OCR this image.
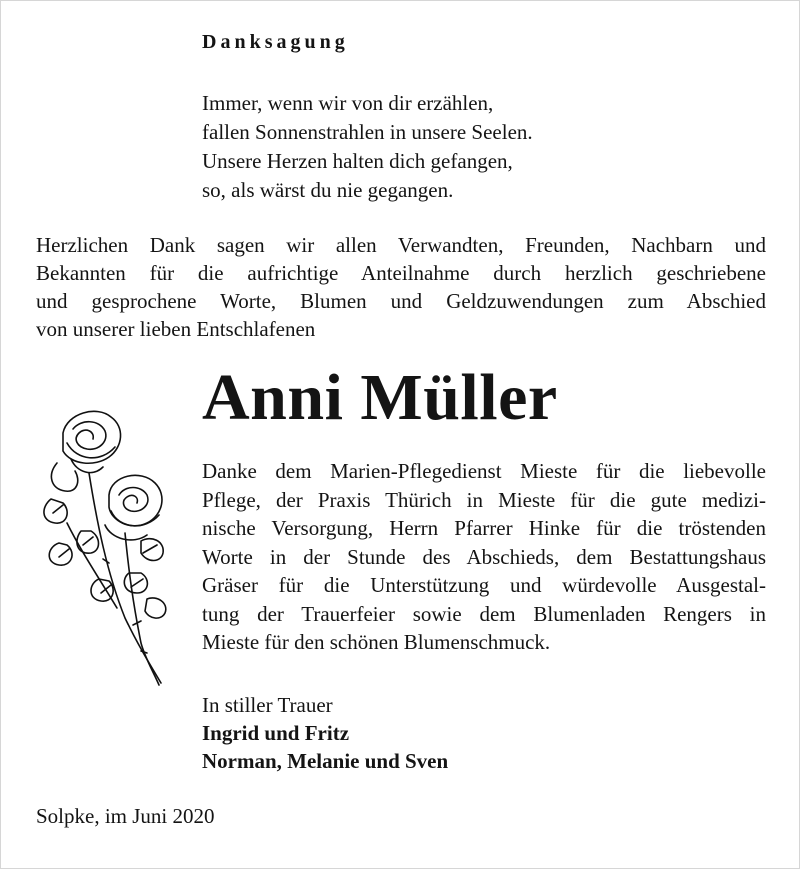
Danksagung
Immer, wenn wir von dir erzählen,
fallen Sonnenstrahlen in unsere Seelen.
Unsere Herzen halten dich gefangen,
so, als wärst du nie gegangen.
Herzlichen Dank sagen wir allen Verwandten, Freunden, Nachbarn und
Bekannten für die aufrichtige Anteilnahme durch herzlich geschriebene
und gesprochene Worte, Blumen und Geldzuwendungen zum Abschied
von unserer lieben Entschlafenen
Anni Müller
Danke dem Marien-Pflegedienst Mieste für die liebevolle
Pflege, der Praxis Thürich in Mieste für die gute medizi-
nische Versorgung, Herrn Pfarrer Hinke für die tröstenden
Worte in der Stunde des Abschieds, dem Bestattungshaus
Gräser für die Unterstützung und würdevolle Ausgestal-
tung der Trauerfeier sowie dem Blumenladen Rengers in
Mieste für den schönen Blumenschmuck.
In stiller Trauer
Ingrid und Fritz
Norman, Melanie und Sven
Solpke, im Juni 2020
